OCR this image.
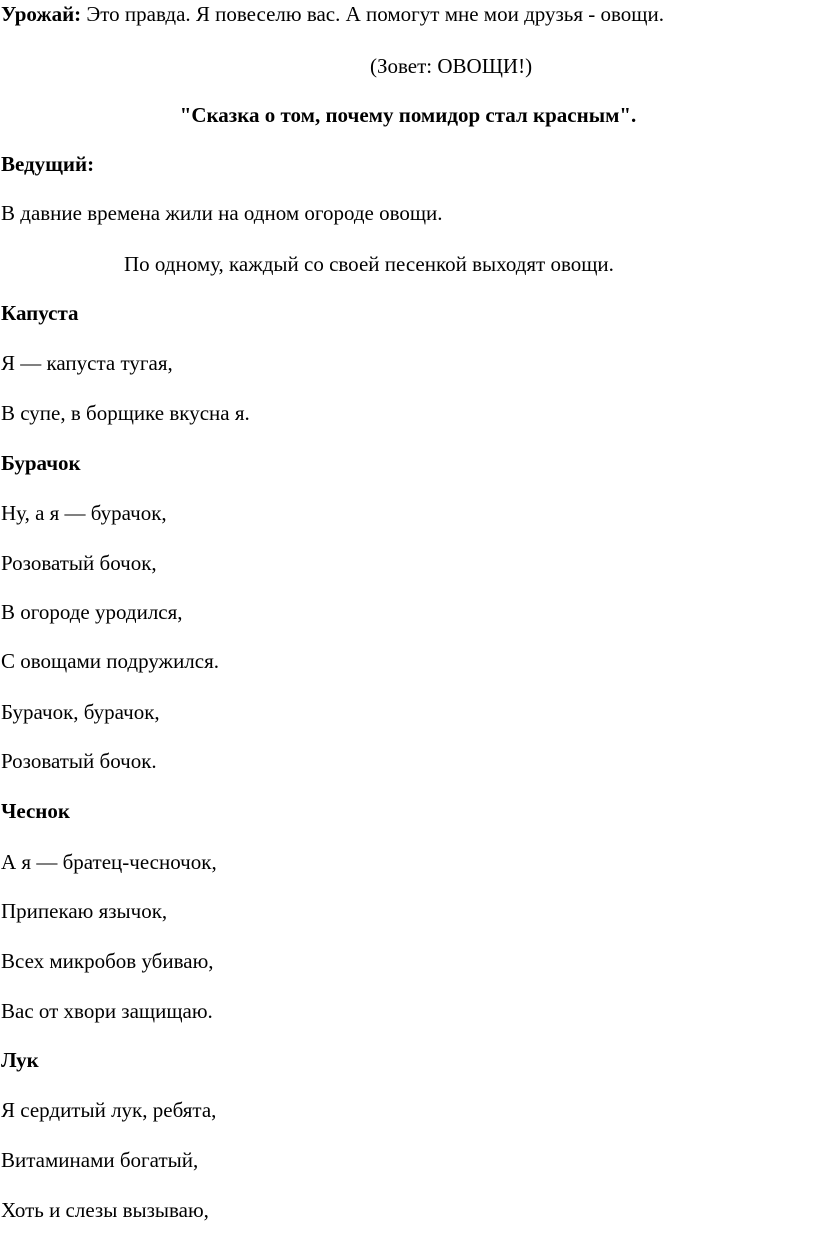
Урожай: Это правда. Я повеселю вас. А помогут мне мои друзья - овощи.
(Зовет: ОВОЩИ!)
"Сказка о том, почему помидор стал красным".
Ведущий:
В давние времена жили на одном огороде овощи.
По одному, каждый со своей песенкой выходят овощи.
Капуста
Я — капуста тугая,
В супе, в борщике вкусна я.
Бурачок
Ну, а я — бурачок,
Розоватый бочок,
В огороде уродился,
С овощами подружился.
Бурачок, бурачок,
Розоватый бочок.
Чеснок
А я — братец-чесночок,
Припекаю язычок,
Всех микробов убиваю,
Вас от хвори защищаю.
Лук
Я сердитый лук, ребята,
Витаминами богатый,
Хоть и слезы вызываю,
